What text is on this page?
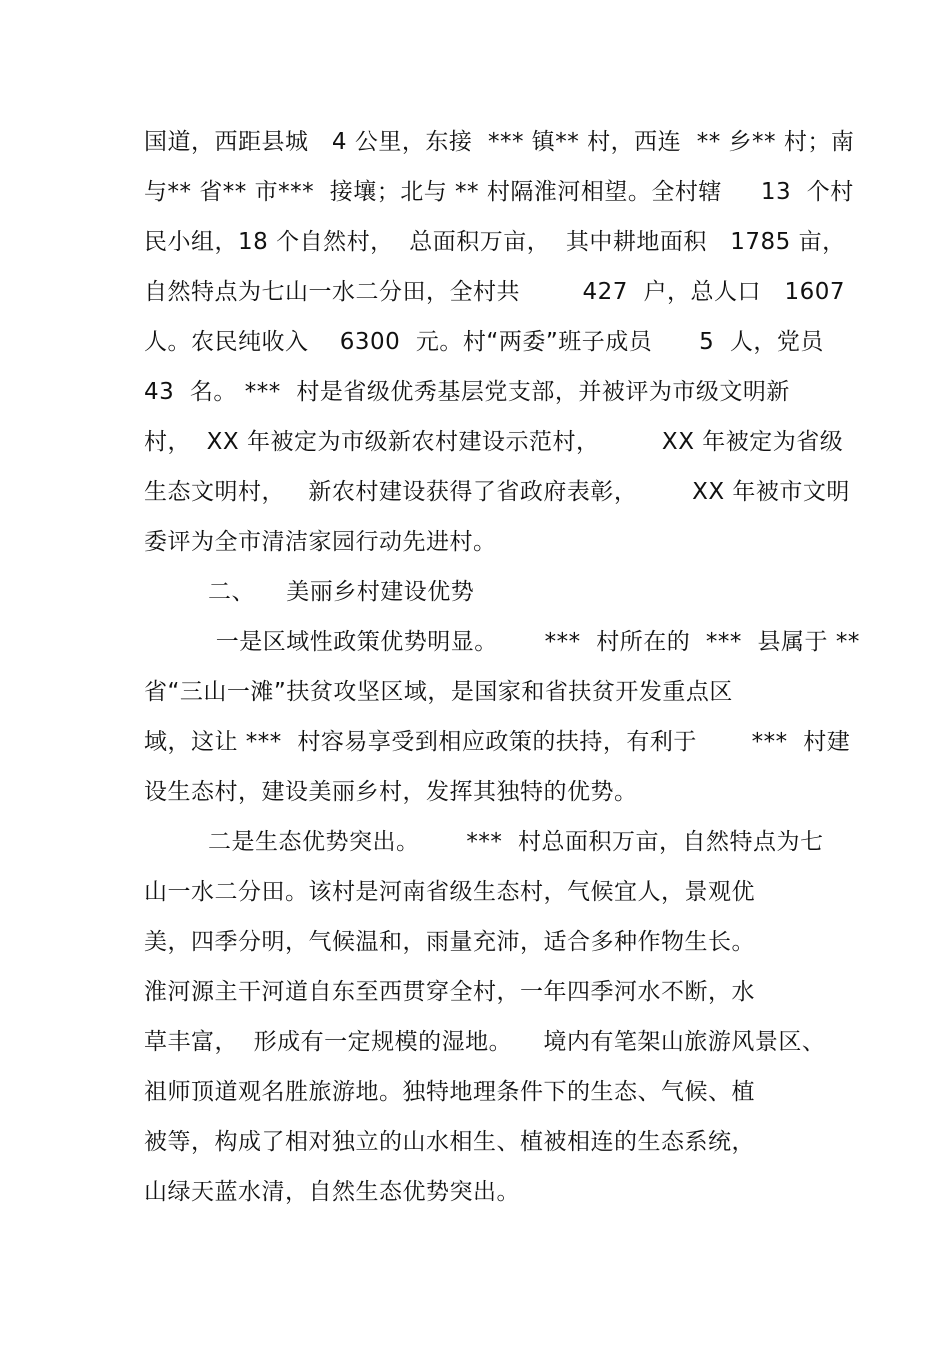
国道，西距县城   4 公里，东接  *** 镇** 村，西连  ** 乡** 村；南
与** 省** 市***  接壤；北与 ** 村隔淮河相望。全村辖     13  个村
民小组，18 个自然村，  总面积万亩，  其中耕地面积   1785 亩，
自然特点为七山一水二分田，全村共        427  户，总人口   1607
人。农民纯收入    6300  元。村“两委”班子成员      5  人，党员
43  名。 ***  村是省级优秀基层党支部，并被评为市级文明新
村，  XX 年被定为市级新农村建设示范村，        XX 年被定为省级
生态文明村，   新农村建设获得了省政府表彰，       XX 年被市文明
委评为全市清洁家园行动先进村。
二、    美丽乡村建设优势
一是区域性政策优势明显。      ***  村所在的  ***  县属于 **
省“三山一滩”扶贫攻坚区域，是国家和省扶贫开发重点区
域，这让 ***  村容易享受到相应政策的扶持，有利于       ***  村建
设生态村，建设美丽乡村，发挥其独特的优势。
二是生态优势突出。      ***  村总面积万亩，自然特点为七
山一水二分田。该村是河南省级生态村，气候宜人，景观优
美，四季分明，气候温和，雨量充沛，适合多种作物生长。
淮河源主干河道自东至西贯穿全村，一年四季河水不断，水
草丰富，  形成有一定规模的湿地。    境内有笔架山旅游风景区、
祖师顶道观名胜旅游地。独特地理条件下的生态、气候、植
被等，构成了相对独立的山水相生、植被相连的生态系统，
山绿天蓝水清，自然生态优势突出。
